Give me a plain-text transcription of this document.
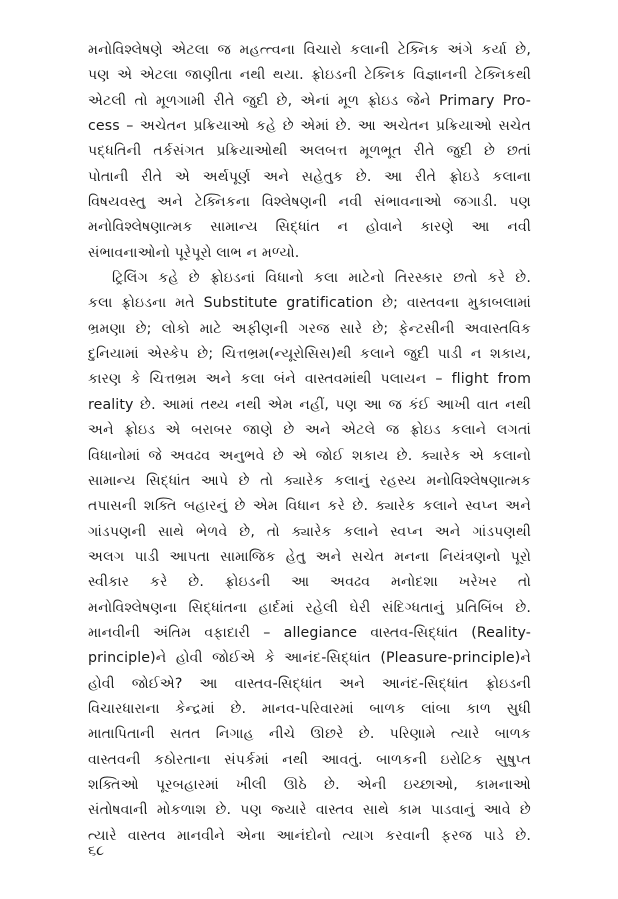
મનોવિશ્લેષણે એટલા જ મહત્ત્વના વિચારો કલાની ટેક્નિક અંગે કર્યા છે,
પણ એ એટલા જાણીતા નથી થયા. ફ્રોઇડની ટેક્નિક વિજ્ઞાનની ટેક્નિકથી
એટલી તો મૂળગામી રીતે જુદી છે, એનાં મૂળ ફ્રોઇડ જેને Primary Pro-
cess – અચેતન પ્રક્રિયાઓ કહે છે એમાં છે. આ અચેતન પ્રક્રિયાઓ સચેત
પદ્ધતિની તર્કસંગત પ્રક્રિયાઓથી અલબત્ત મૂળભૂત રીતે જુદી છે છતાં
પોતાની રીતે એ અર્થપૂર્ણ અને સહેતુક છે. આ રીતે ફ્રોઇડે કલાના
વિષયવસ્તુ અને ટેક્નિકના વિશ્લેષણની નવી સંભાવનાઓ જગાડી. પણ
મનોવિશ્લેષણાત્મક સામાન્ય સિદ્ધાંત ન હોવાને કારણે આ નવી
સંભાવનાઓનો પૂરેપૂરો લાભ ન મળ્યો.
ટ્રિલિંગ કહે છે ફ્રોઇડનાં વિધાનો કલા માટેનો તિરસ્કાર છતો કરે છે.
કલા ફ્રોઇડના મતે Substitute gratification છે; વાસ્તવના મુકાબલામાં
ભ્રમણા છે; લોકો માટે અફીણની ગરજ સારે છે; ફેન્ટસીની અવાસ્તવિક
દુનિયામાં એસ્કેપ છે; ચિત્તભ્રમ(ન્યૂરોસિસ)થી કલાને જુદી પાડી ન શકાય,
કારણ કે ચિત્તભ્રમ અને કલા બંને વાસ્તવમાંથી પલાયન – flight from
reality છે. આમાં તથ્ય નથી એમ નહીં, પણ આ જ કંઈ આખી વાત નથી
અને ફ્રોઇડ એ બરાબર જાણે છે અને એટલે જ ફ્રોઇડ કલાને લગતાં
વિધાનોમાં જે અવઢવ અનુભવે છે એ જોઈ શકાય છે. ક્યારેક એ કલાનો
સામાન્ય સિદ્ધાંત આપે છે તો ક્યારેક કલાનું રહસ્ય મનોવિશ્લેષણાત્મક
તપાસની શક્તિ બહારનું છે એમ વિધાન કરે છે. ક્યારેક કલાને સ્વપ્ન અને
ગાંડપણની સાથે ભેળવે છે, તો ક્યારેક કલાને સ્વપ્ન અને ગાંડપણથી
અલગ પાડી આપતા સામાજિક હેતુ અને સચેત મનના નિયંત્રણનો પૂરો
સ્વીકાર કરે છે. ફ્રોઇડની આ અવઢવ મનોદશા ખરેખર તો
મનોવિશ્લેષણના સિદ્ધાંતના હાર્દમાં રહેલી ઘેરી સંદિગ્ધતાનું પ્રતિબિંબ છે.
માનવીની અંતિમ વફાદારી – allegiance વાસ્તવ-સિદ્ધાંત (Reality-
principle)ને હોવી જોઈએ કે આનંદ-સિદ્ધાંત (Pleasure-principle)ને
હોવી જોઈએ? આ વાસ્તવ-સિદ્ધાંત અને આનંદ-સિદ્ધાંત ફ્રોઇડની
વિચારધારાના કેન્દ્રમાં છે. માનવ-પરિવારમાં બાળક લાંબા કાળ સુધી
માતાપિતાની સતત નિગાહ નીચે ઊછરે છે. પરિણામે ત્યારે બાળક
વાસ્તવની કઠોરતાના સંપર્કમાં નથી આવતું. બાળકની ઇરોટિક સુષુપ્ત
શક્તિઓ પૂરબહારમાં ખીલી ઊઠે છે. એની ઇચ્છાઓ, કામનાઓ
સંતોષવાની મોકળાશ છે. પણ જ્યારે વાસ્તવ સાથે કામ પાડવાનું આવે છે
ત્યારે વાસ્તવ માનવીને એના આનંદોનો ત્યાગ કરવાની ફરજ પાડે છે.
૬૮
